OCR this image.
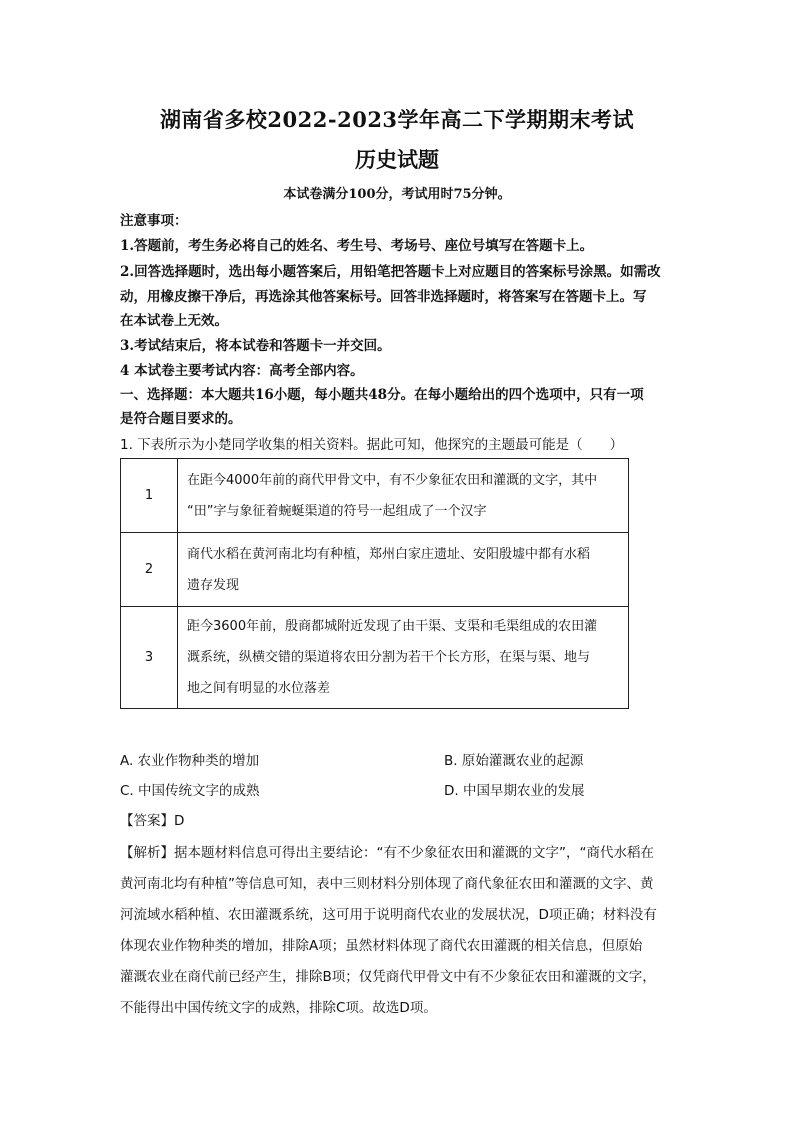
湖南省多校2022-2023学年高二下学期期末考试
历史试题
本试卷满分100分，考试用时75分钟。
注意事项：
1.答题前，考生务必将自己的姓名、考生号、考场号、座位号填写在答题卡上。
2.回答选择题时，选出每小题答案后，用铅笔把答题卡上对应题目的答案标号涂黑。如需改
动，用橡皮擦干净后，再选涂其他答案标号。回答非选择题时，将答案写在答题卡上。写
在本试卷上无效。
3.考试结束后，将本试卷和答题卡一并交回。
4 本试卷主要考试内容：高考全部内容。
一、选择题：本大题共16小题，每小题共48分。在每小题给出的四个选项中，只有一项
是符合题目要求的。
1. 下表所示为小楚同学收集的相关资料。据此可知，他探究的主题最可能是（　　）
1	在距今4000年前的商代甲骨文中，有不少象征农田和灌溉的文字，其中
“田”字与象征着蜿蜒渠道的符号一起组成了一个汉字

2	商代水稻在黄河南北均有种植，郑州白家庄遗址、安阳殷墟中都有水稻
遗存发现

3	距今3600年前，殷商都城附近发现了由干渠、支渠和毛渠组成的农田灌
溉系统，纵横交错的渠道将农田分割为若干个长方形，在渠与渠、地与
地之间有明显的水位落差
A. 农业作物种类的增加	B. 原始灌溉农业的起源
C. 中国传统文字的成熟	D. 中国早期农业的发展
【答案】D
【解析】据本题材料信息可得出主要结论：“有不少象征农田和灌溉的文字”，“商代水稻在
黄河南北均有种植”等信息可知，表中三则材料分别体现了商代象征农田和灌溉的文字、黄
河流域水稻种植、农田灌溉系统，这可用于说明商代农业的发展状况，D项正确；材料没有
体现农业作物种类的增加，排除A项；虽然材料体现了商代农田灌溉的相关信息，但原始
灌溉农业在商代前已经产生，排除B项；仅凭商代甲骨文中有不少象征农田和灌溉的文字，
不能得出中国传统文字的成熟，排除C项。故选D项。
